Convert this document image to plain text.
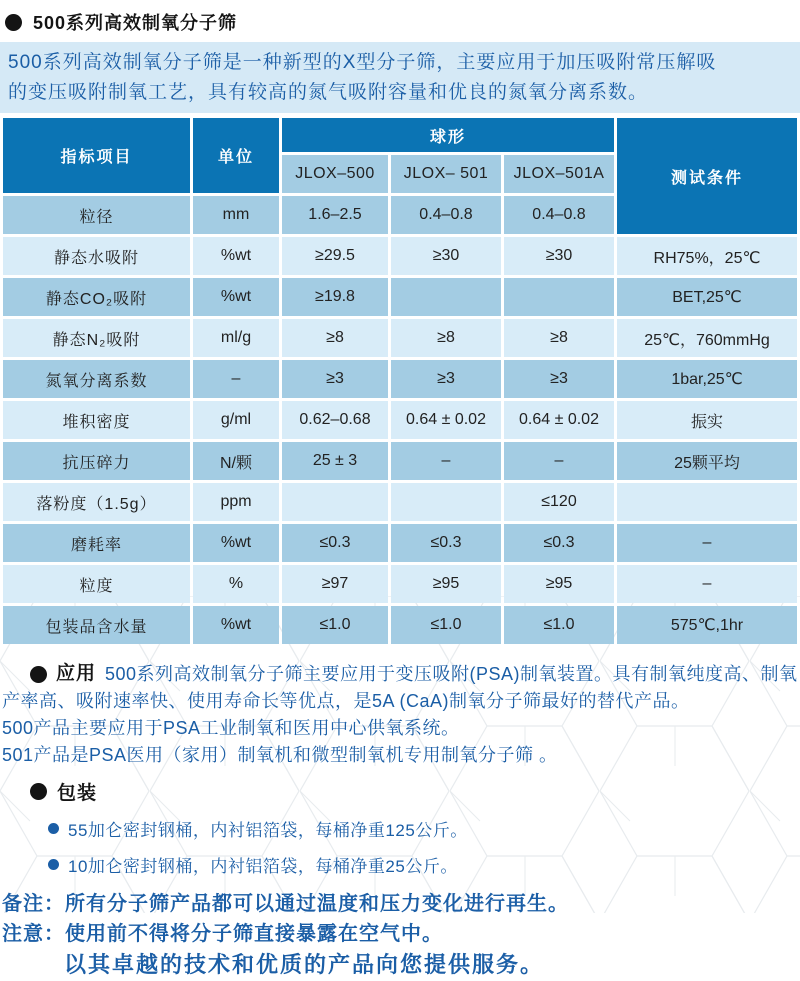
500系列高效制氧分子筛
500系列高效制氧分子筛是一种新型的X型分子筛，主要应用于加压吸附常压解吸
的变压吸附制氧工艺，具有较高的氮气吸附容量和优良的氮氧分离系数。
指标项目	单位	球形			测试条件
		JLOX–500	JLOX– 501	JLOX–501A	
粒径	mm	1.6–2.5	0.4–0.8	0.4–0.8	
静态水吸附	%wt	≥29.5	≥30	≥30	RH75%，25℃
静态CO₂吸附	%wt	≥19.8			BET,25℃
静态N₂吸附	ml/g	≥8	≥8	≥8	25℃，760mmHg
氮氧分离系数	–	≥3	≥3	≥3	1bar,25℃
堆积密度	g/ml	0.62–0.68	0.64 ± 0.02	0.64 ± 0.02	振实
抗压碎力	N/颗	25 ± 3	–	–	25颗平均
落粉度（1.5g）	ppm			≤120	
磨耗率	%wt	≤0.3	≤0.3	≤0.3	–
粒度	%	≥97	≥95	≥95	–
包装品含水量	%wt	≤1.0	≤1.0	≤1.0	575℃,1hr
应用 500系列高效制氧分子筛主要应用于变压吸附(PSA)制氧装置。具有制氧纯度高、制氧
产率高、吸附速率快、使用寿命长等优点，是5A (CaA)制氧分子筛最好的替代产品。
500产品主要应用于PSA工业制氧和医用中心供氧系统。
501产品是PSA医用（家用）制氧机和微型制氧机专用制氧分子筛 。
包装
55加仑密封钢桶，内衬铝箔袋，每桶净重125公斤。
10加仑密封钢桶，内衬铝箔袋，每桶净重25公斤。
备注：所有分子筛产品都可以通过温度和压力变化进行再生。
注意：使用前不得将分子筛直接暴露在空气中。
以其卓越的技术和优质的产品向您提供服务。
